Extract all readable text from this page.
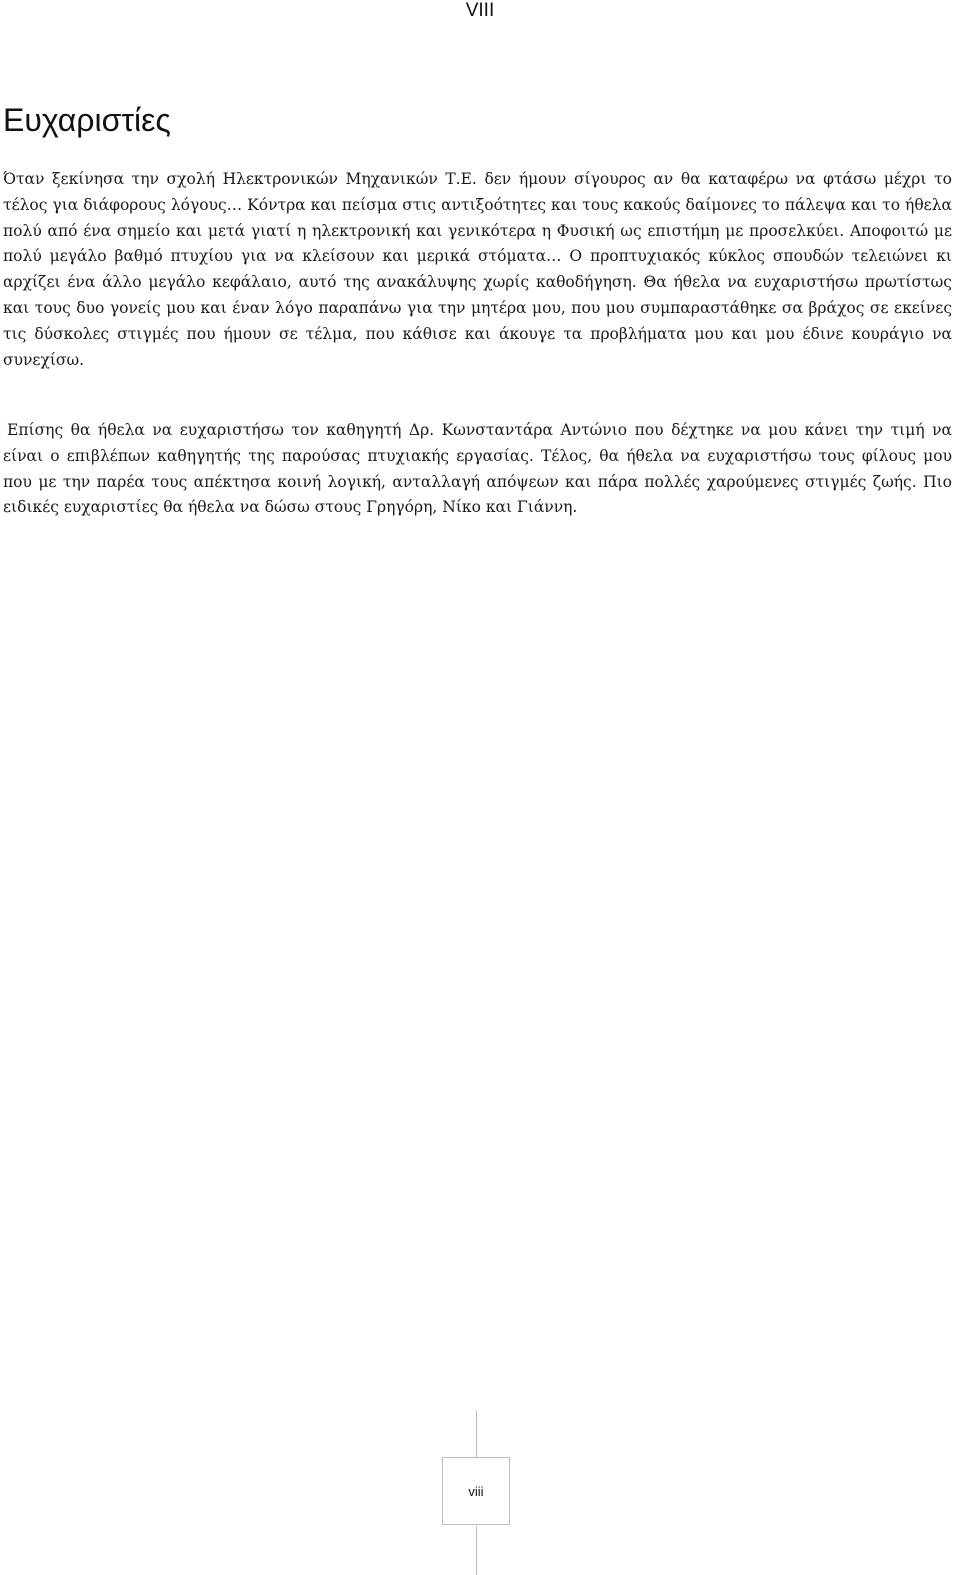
VIII
Ευχαριστίες

Όταν ξεκίνησα την σχολή Ηλεκτρονικών Μηχανικών Τ.Ε. δεν ήμουν σίγουρος αν θα καταφέρω να φτάσω μέχρι το τέλος για διάφορους λόγους… Κόντρα και πείσμα στις αντιξοότητες και τους κακούς δαίμονες το πάλεψα και το ήθελα πολύ από ένα σημείο και μετά γιατί η ηλεκτρονική και γενικότερα η Φυσική ως επιστήμη με προσελκύει. Αποφοιτώ με πολύ μεγάλο βαθμό πτυχίου για να κλείσουν και μερικά στόματα… Ο προπτυχιακός κύκλος σπουδών τελειώνει κι αρχίζει ένα άλλο μεγάλο κεφάλαιο, αυτό της ανακάλυψης χωρίς καθοδήγηση. Θα ήθελα να ευχαριστήσω πρωτίστως και τους δυο γονείς μου και έναν λόγο παραπάνω για την μητέρα μου, που μου συμπαραστάθηκε σα βράχος σε εκείνες τις δύσκολες στιγμές που ήμουν σε τέλμα, που κάθισε και άκουγε τα προβλήματα μου και μου έδινε κουράγιο να συνεχίσω.

Επίσης θα ήθελα να ευχαριστήσω τον καθηγητή Δρ. Κωνσταντάρα Αντώνιο που δέχτηκε να μου κάνει την τιμή να είναι ο επιβλέπων καθηγητής της παρούσας πτυχιακής εργασίας. Τέλος, θα ήθελα να ευχαριστήσω τους φίλους μου που με την παρέα τους απέκτησα κοινή λογική, ανταλλαγή απόψεων και πάρα πολλές χαρούμενες στιγμές ζωής. Πιο ειδικές ευχαριστίες θα ήθελα να δώσω στους Γρηγόρη, Νίκο και Γιάννη.

viii
